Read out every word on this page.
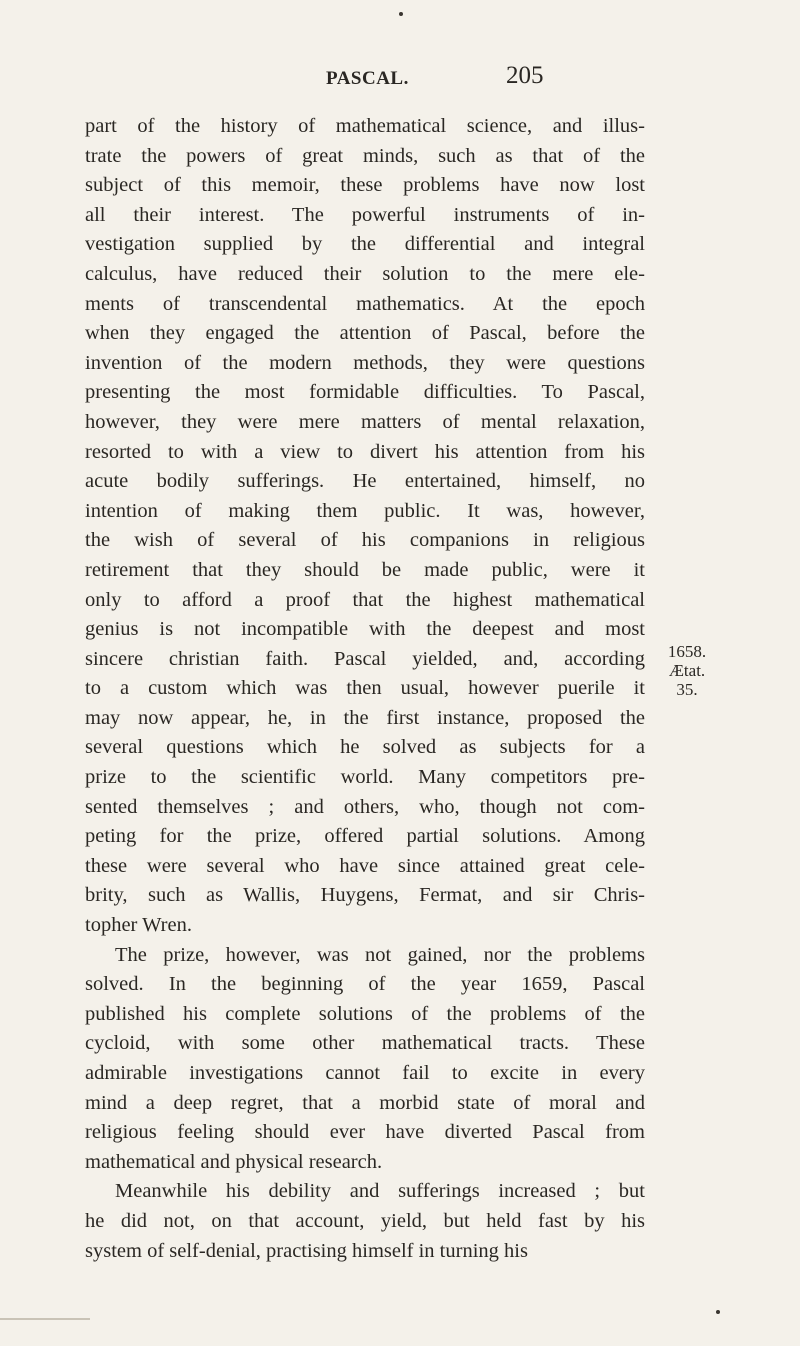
PASCAL.	205
part of the history of mathematical science, and illus-
trate the powers of great minds, such as that of the
subject of this memoir, these problems have now lost
all their interest. The powerful instruments of in-
vestigation supplied by the differential and integral
calculus, have reduced their solution to the mere ele-
ments of transcendental mathematics. At the epoch
when they engaged the attention of Pascal, before the
invention of the modern methods, they were questions
presenting the most formidable difficulties. To Pascal,
however, they were mere matters of mental relaxation,
resorted to with a view to divert his attention from his
acute bodily sufferings. He entertained, himself, no
intention of making them public. It was, however,
the wish of several of his companions in religious
retirement that they should be made public, were it
only to afford a proof that the highest mathematical
genius is not incompatible with the deepest and most
sincere christian faith. Pascal yielded, and, according
to a custom which was then usual, however puerile it
may now appear, he, in the first instance, proposed the
several questions which he solved as subjects for a
prize to the scientific world. Many competitors pre-
sented themselves ; and others, who, though not com-
peting for the prize, offered partial solutions. Among
these were several who have since attained great cele-
brity, such as Wallis, Huygens, Fermat, and sir Chris-
topher Wren.
The prize, however, was not gained, nor the problems
solved. In the beginning of the year 1659, Pascal
published his complete solutions of the problems of the
cycloid, with some other mathematical tracts. These
admirable investigations cannot fail to excite in every
mind a deep regret, that a morbid state of moral and
religious feeling should ever have diverted Pascal from
mathematical and physical research.
Meanwhile his debility and sufferings increased ; but
he did not, on that account, yield, but held fast by his
system of self-denial, practising himself in turning his
1658.
Ætat.
35.
